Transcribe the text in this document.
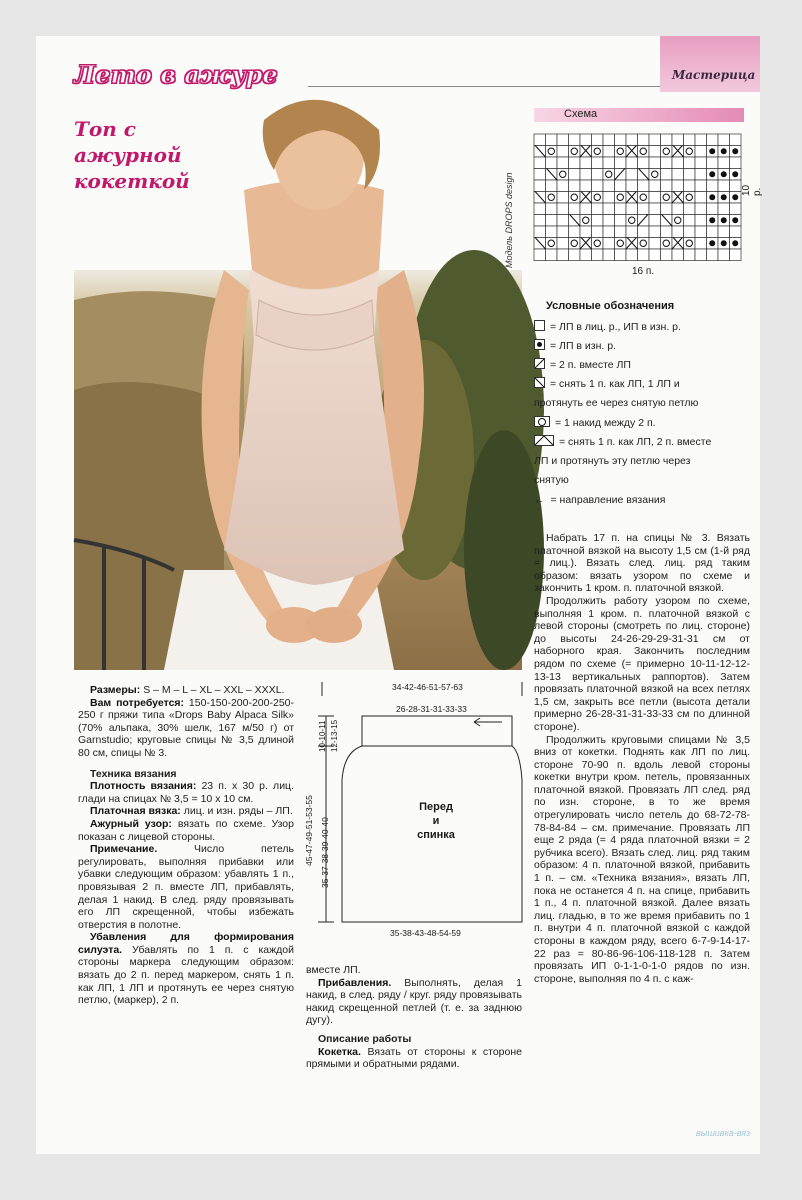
Лето в ажуре	Мастерица
Топ с
ажурной
кокеткой	Модель DROPS design
Схема
16 п.
10 р.
Условные обозначения
= ЛП в лиц. р., ИП в изн. р.
= ЛП в изн. р.
= 2 п. вместе ЛП
= снять 1 п. как ЛП, 1 ЛП и
протянуть ее через снятую петлю
= 1 накид между 2 п.
= снять 1 п. как ЛП, 2 п. вместе
ЛП и протянуть эту петлю через
снятую
← = направление вязания
34-42-46-51-57-63
26-28-31-31-33-33
35-38-43-48-54-59
45-47-49-51-53-55 35-37-38-39-40-40
10-10-11 12-13-15
Перед
и
спинка

Размеры: S – M – L – XL – XXL – XXXL.

Вам потребуется: 150-150-200-200-250-250 г пряжи типа «Drops Baby Alpaca Silk» (70% альпака, 30% шелк, 167 м/50 г) от Garnstudio; круговые спицы № 3,5 длиной 80 см, спицы № 3.

Техника вязания

Плотность вязания: 23 п. х 30 р. лиц. глади на спицах № 3,5 = 10 х 10 см.

Платочная вязка: лиц. и изн. ряды – ЛП.

Ажурный узор: вязать по схеме. Узор показан с лицевой стороны.

Примечание. Число петель регулировать, выполняя прибавки или убавки следующим образом: убавлять 1 п., провязывая 2 п. вместе ЛП, прибавлять, делая 1 накид. В след. ряду провязывать его ЛП скрещенной, чтобы избежать отверстия в полотне.

Убавления для формирования силуэта. Убавлять по 1 п. с каждой стороны маркера следующим образом: вязать до 2 п. перед маркером, снять 1 п. как ЛП, 1 ЛП и протянуть ее через снятую петлю, (маркер), 2 п.

вместе ЛП.

Прибавления. Выполнять, делая 1 накид, в след. ряду / круг. ряду провязывать накид скрещенной петлей (т. е. за заднюю дугу).

Описание работы

Кокетка. Вязать от стороны к стороне прямыми и обратными рядами.

Набрать 17 п. на спицы № 3. Вязать платочной вязкой на высоту 1,5 см (1-й ряд = лиц.). Вязать след. лиц. ряд таким образом: вязать узором по схеме и закончить 1 кром. п. платочной вязкой.

Продолжить работу узором по схеме, выполняя 1 кром. п. платочной вязкой с левой стороны (смотреть по лиц. стороне) до высоты 24-26-29-29-31-31 см от наборного края. Закончить последним рядом по схеме (= примерно 10-11-12-12-13-13 вертикальных раппортов). Затем провязать платочной вязкой на всех петлях 1,5 см, закрыть все петли (высота детали примерно 26-28-31-31-33-33 см по длинной стороне).

Продолжить круговыми спицами № 3,5 вниз от кокетки. Поднять как ЛП по лиц. стороне 70-90 п. вдоль левой стороны кокетки внутри кром. петель, провязанных платочной вязкой. Провязать ЛП след. ряд по изн. стороне, в то же время отрегулировать число петель до 68-72-78-78-84-84 – см. примечание. Провязать ЛП еще 2 ряда (= 4 ряда платочной вязки = 2 рубчика всего). Вязать след. лиц. ряд таким образом: 4 п. платочной вязкой, прибавить 1 п. – см. «Техника вязания», вязать ЛП, пока не останется 4 п. на спице, прибавить 1 п., 4 п. платочной вязкой. Далее вязать лиц. гладью, в то же время прибавить по 1 п. внутри 4 п. платочной вязкой с каждой стороны в каждом ряду, всего 6-7-9-14-17-22 раз = 80-86-96-106-118-128 п. Затем провязать ИП 0-1-1-0-1-0 рядов по изн. стороне, выполняя по 4 п. с каж-

вышивка-вяз
